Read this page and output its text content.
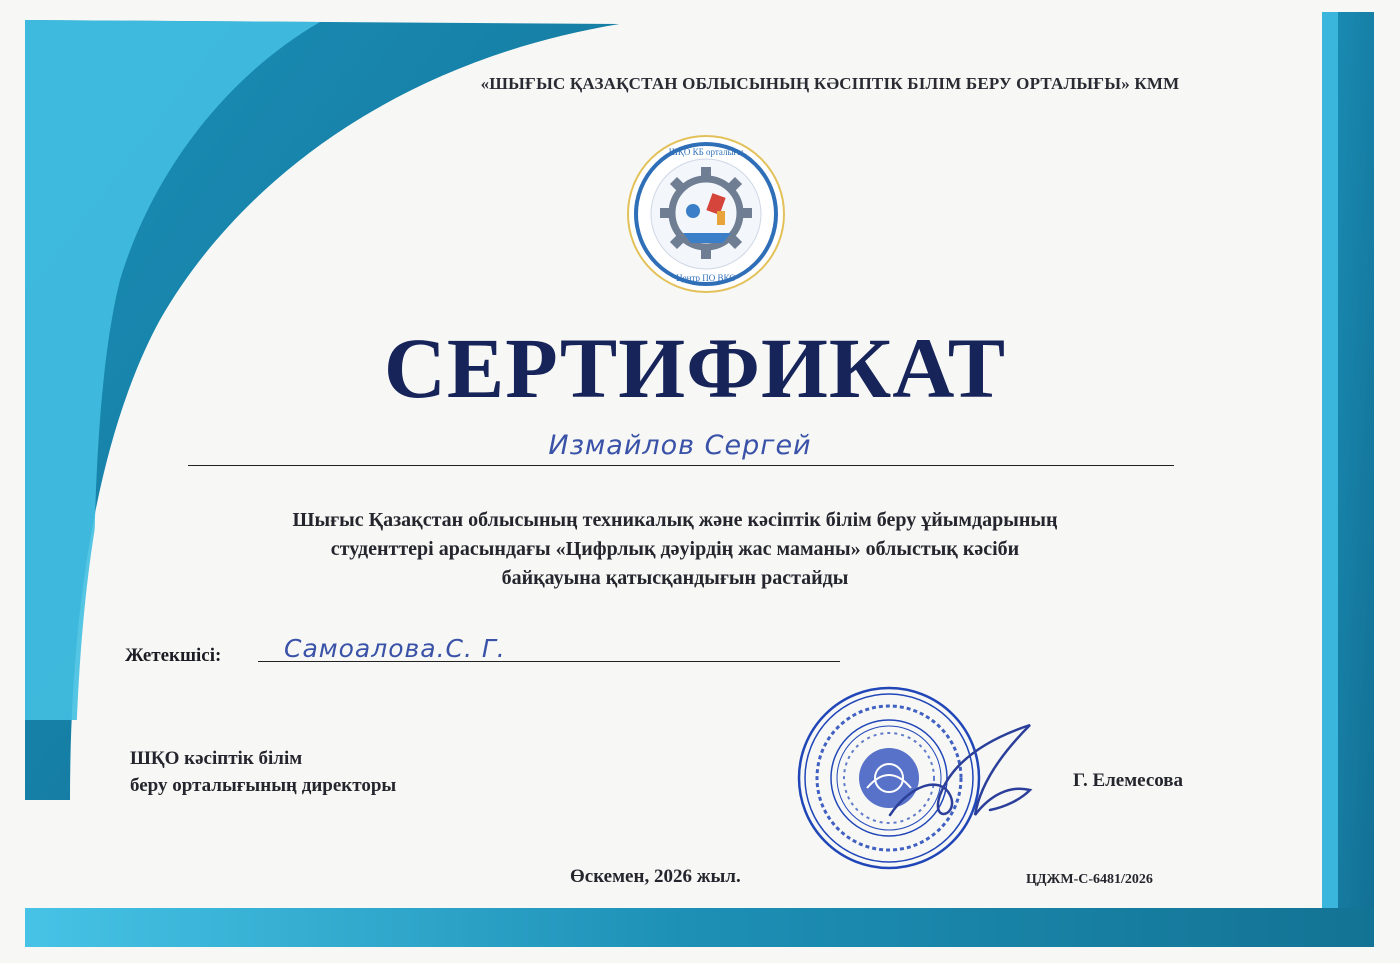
«ШЫҒЫС ҚАЗАҚСТАН ОБЛЫСЫНЫҢ КӘСІПТІК БІЛІМ БЕРУ ОРТАЛЫҒЫ» КММ
ШҚО КБ орталығы
Центр ПО ВКО
СЕРТИФИКАТ
Измайлов Сергей
Шығыс Қазақстан облысының техникалық және кәсіптік білім беру ұйымдарының
студенттері арасындағы «Цифрлық дәуірдің жас маманы» облыстық кәсіби
байқауына қатысқандығын растайды
Жетекшісі:	Самоалова.С. Г.
ШҚО кәсіптік білім
беру орталығының директоры	Г. Елемесова
Өскемен, 2026 жыл.	ЦДЖМ-С-6481/2026
